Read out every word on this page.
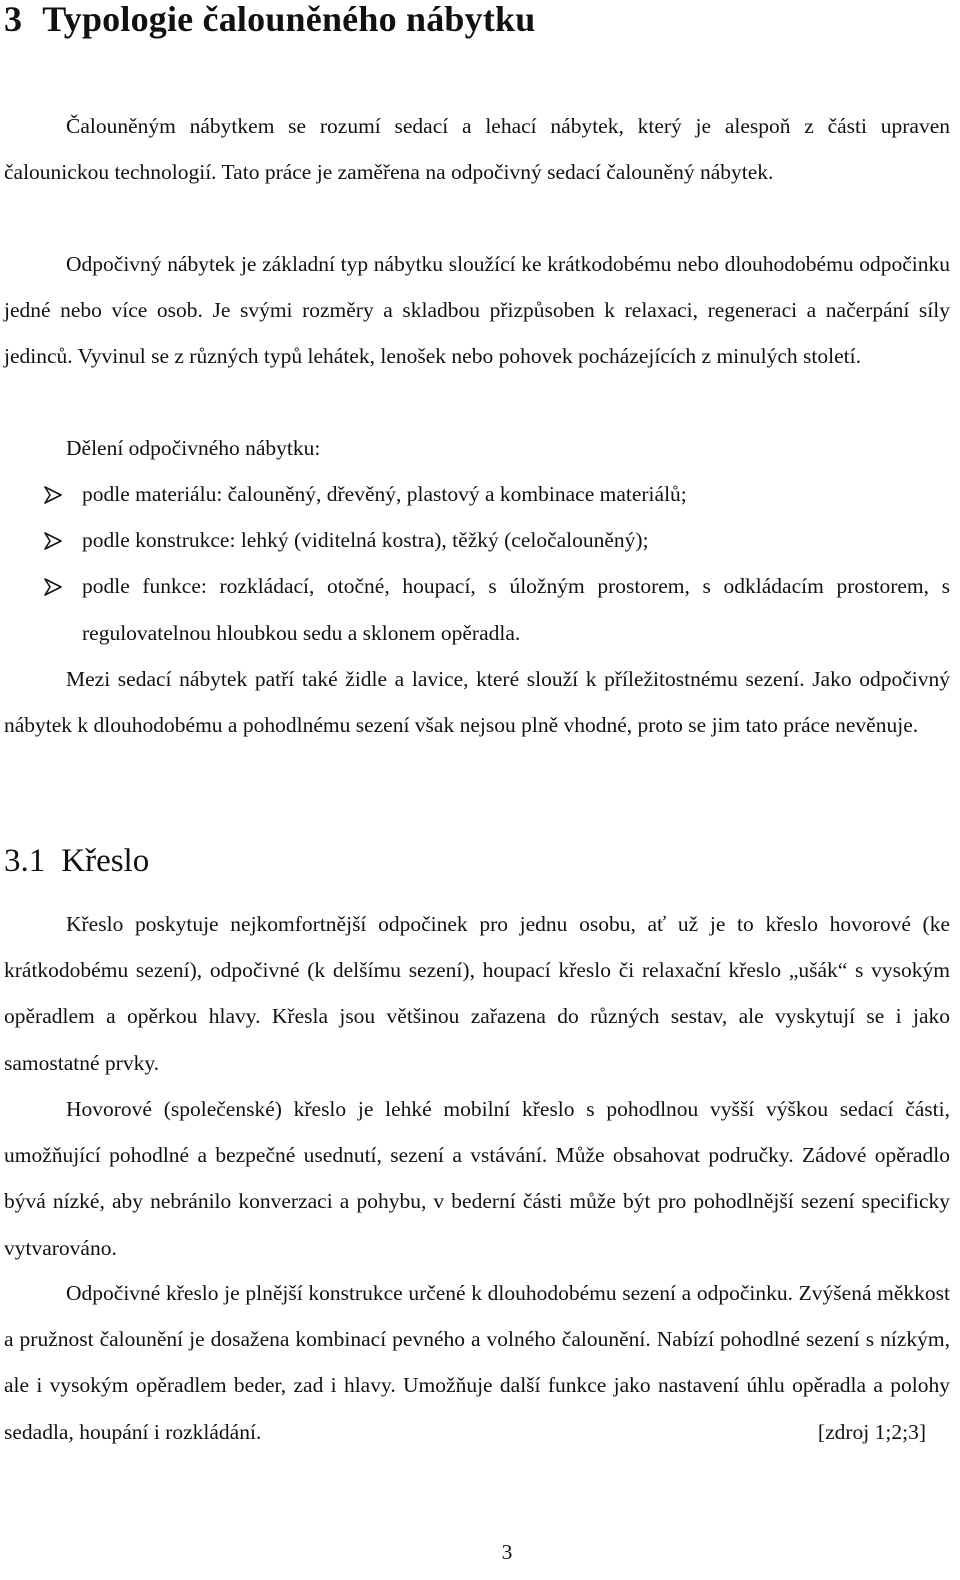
3 Typologie čalouněného nábytku

Čalouněným nábytkem se rozumí sedací a lehací nábytek, který je alespoň z části upraven čalounickou technologií. Tato práce je zaměřena na odpočivný sedací čalouněný nábytek.

Odpočivný nábytek je základní typ nábytku sloužící ke krátkodobému nebo dlouhodobému odpočinku jedné nebo více osob. Je svými rozměry a skladbou přizpůsoben k relaxaci, regeneraci a načerpání síly jedinců. Vyvinul se z různých typů lehátek, lenošek nebo pohovek pocházejících z minulých století.

Dělení odpočivného nábytku:

podle materiálu: čalouněný, dřevěný, plastový a kombinace materiálů;
podle konstrukce: lehký (viditelná kostra), těžký (celočalouněný);
podle funkce: rozkládací, otočné, houpací, s úložným prostorem, s odkládacím prostorem, s regulovatelnou hloubkou sedu a sklonem opěradla.

Mezi sedací nábytek patří také židle a lavice, které slouží k příležitostnému sezení. Jako odpočivný nábytek k dlouhodobému a pohodlnému sezení však nejsou plně vhodné, proto se jim tato práce nevěnuje.

3.1 Křeslo

Křeslo poskytuje nejkomfortnější odpočinek pro jednu osobu, ať už je to křeslo hovorové (ke krátkodobému sezení), odpočivné (k delšímu sezení), houpací křeslo či relaxační křeslo „ušák“ s vysokým opěradlem a opěrkou hlavy. Křesla jsou většinou zařazena do různých sestav, ale vyskytují se i jako samostatné prvky.

Hovorové (společenské) křeslo je lehké mobilní křeslo s pohodlnou vyšší výškou sedací části, umožňující pohodlné a bezpečné usednutí, sezení a vstávání. Může obsahovat područky. Zádové opěradlo bývá nízké, aby nebránilo konverzaci a pohybu, v bederní části může být pro pohodlnější sezení specificky vytvarováno.

Odpočivné křeslo je plnější konstrukce určené k dlouhodobému sezení a odpočinku. Zvýšená měkkost a pružnost čalounění je dosažena kombinací pevného a volného čalounění. Nabízí pohodlné sezení s nízkým, ale i vysokým opěradlem beder, zad i hlavy. Umožňuje další funkce jako nastavení úhlu opěradla a polohy sedadla, houpání i rozkládání.	[zdroj 1;2;3]

3
